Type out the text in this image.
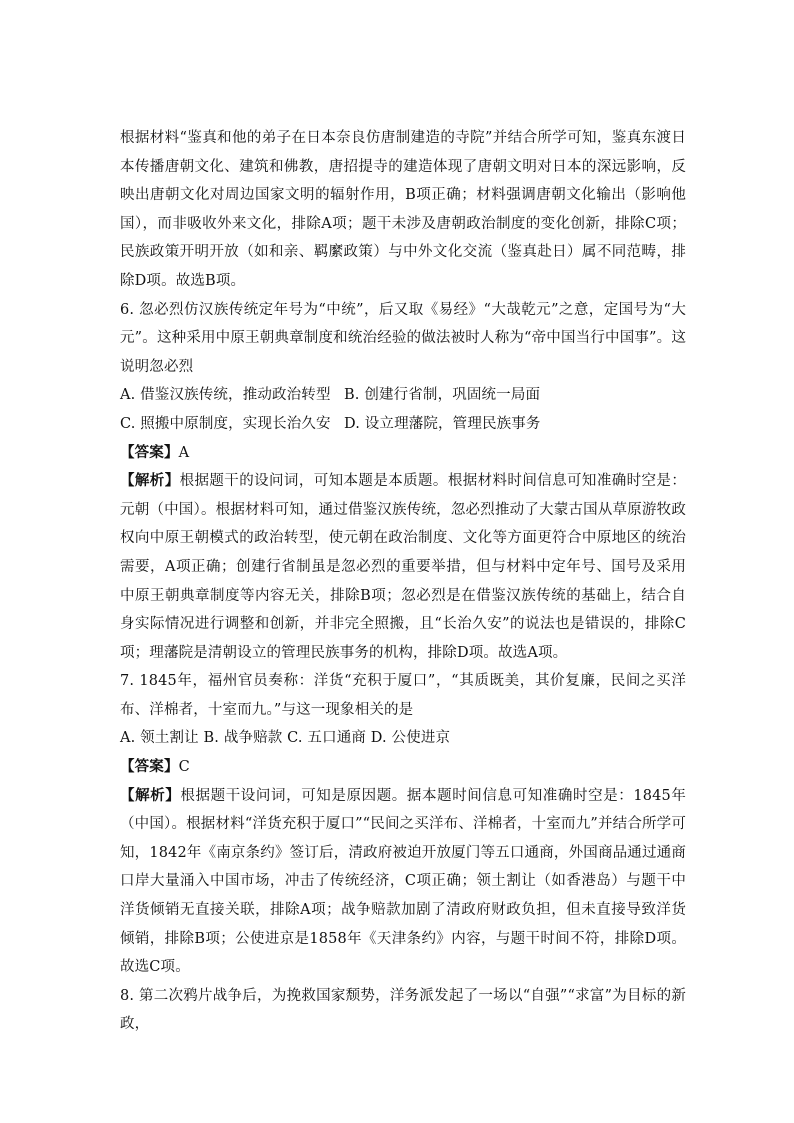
根据材料“鉴真和他的弟子在日本奈良仿唐制建造的寺院”并结合所学可知，鉴真东渡日本传播唐朝文化、建筑和佛教，唐招提寺的建造体现了唐朝文明对日本的深远影响，反映出唐朝文化对周边国家文明的辐射作用，B项正确；材料强调唐朝文化输出（影响他国），而非吸收外来文化，排除A项；题干未涉及唐朝政治制度的变化创新，排除C项；民族政策开明开放（如和亲、羁縻政策）与中外文化交流（鉴真赴日）属不同范畴，排除D项。故选B项。

6. 忽必烈仿汉族传统定年号为“中统”，后又取《易经》“大哉乾元”之意，定国号为“大元”。这种采用中原王朝典章制度和统治经验的做法被时人称为“帝中国当行中国事”。这说明忽必烈

A. 借鉴汉族传统，推动政治转型 B. 创建行省制，巩固统一局面

C. 照搬中原制度，实现长治久安 D. 设立理藩院，管理民族事务

【答案】A

【解析】根据题干的设问词，可知本题是本质题。根据材料时间信息可知准确时空是：元朝（中国）。根据材料可知，通过借鉴汉族传统，忽必烈推动了大蒙古国从草原游牧政权向中原王朝模式的政治转型，使元朝在政治制度、文化等方面更符合中原地区的统治需要，A项正确；创建行省制虽是忽必烈的重要举措，但与材料中定年号、国号及采用中原王朝典章制度等内容无关，排除B项；忽必烈是在借鉴汉族传统的基础上，结合自身实际情况进行调整和创新，并非完全照搬，且“长治久安”的说法也是错误的，排除C项；理藩院是清朝设立的管理民族事务的机构，排除D项。故选A项。

7. 1845年，福州官员奏称：洋货“充积于厦口”，“其质既美，其价复廉，民间之买洋布、洋棉者，十室而九。”与这一现象相关的是

A. 领土割让 B. 战争赔款 C. 五口通商 D. 公使进京

【答案】C

【解析】根据题干设问词，可知是原因题。据本题时间信息可知准确时空是：1845年（中国）。根据材料“洋货充积于厦口”“民间之买洋布、洋棉者，十室而九”并结合所学可知，1842年《南京条约》签订后，清政府被迫开放厦门等五口通商，外国商品通过通商口岸大量涌入中国市场，冲击了传统经济，C项正确；领土割让（如香港岛）与题干中洋货倾销无直接关联，排除A项；战争赔款加剧了清政府财政负担，但未直接导致洋货倾销，排除B项；公使进京是1858年《天津条约》内容，与题干时间不符，排除D项。故选C项。

8. 第二次鸦片战争后，为挽救国家颓势，洋务派发起了一场以“自强”“求富”为目标的新政，
